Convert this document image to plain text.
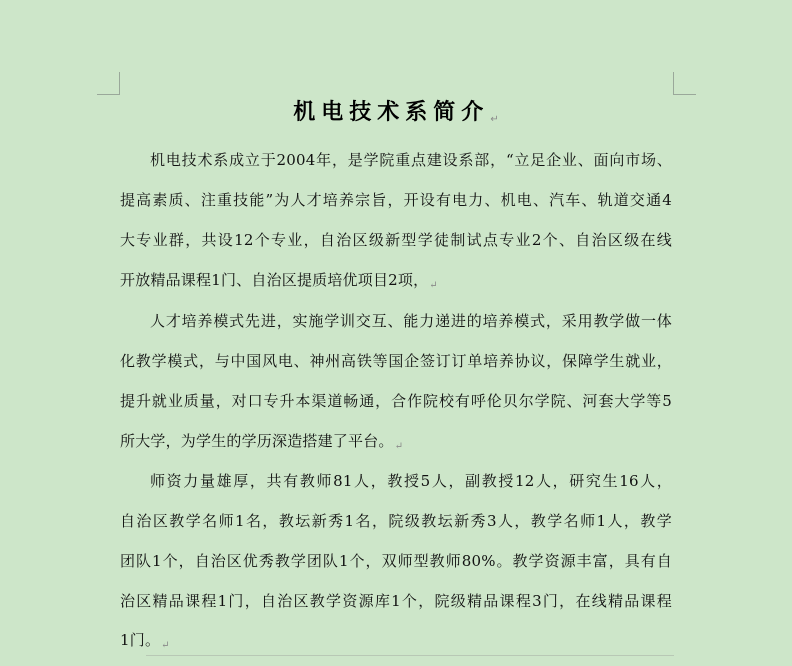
机电技术系简介↵
机电技术系成立于2004年，是学院重点建设系部，“立足企业、面向市场、
提高素质、注重技能”为人才培养宗旨，开设有电力、机电、汽车、轨道交通4
大专业群，共设12个专业，自治区级新型学徒制试点专业2个、自治区级在线
开放精品课程1门、自治区提质培优项目2项，$_↵$
人才培养模式先进，实施学训交互、能力递进的培养模式，采用教学做一体
化教学模式，与中国风电、神州高铁等国企签订订单培养协议，保障学生就业，
提升就业质量，对口专升本渠道畅通，合作院校有呼伦贝尔学院、河套大学等5
所大学，为学生的学历深造搭建了平台。$_↵$
师资力量雄厚，共有教师81人，教授5人，副教授12人，研究生16人，
自治区教学名师1名，教坛新秀1名，院级教坛新秀3人，教学名师1人，教学
团队1个，自治区优秀教学团队1个，双师型教师80%。教学资源丰富，具有自
治区精品课程1门，自治区教学资源库1个，院级精品课程3门，在线精品课程
1门。$_↵$
